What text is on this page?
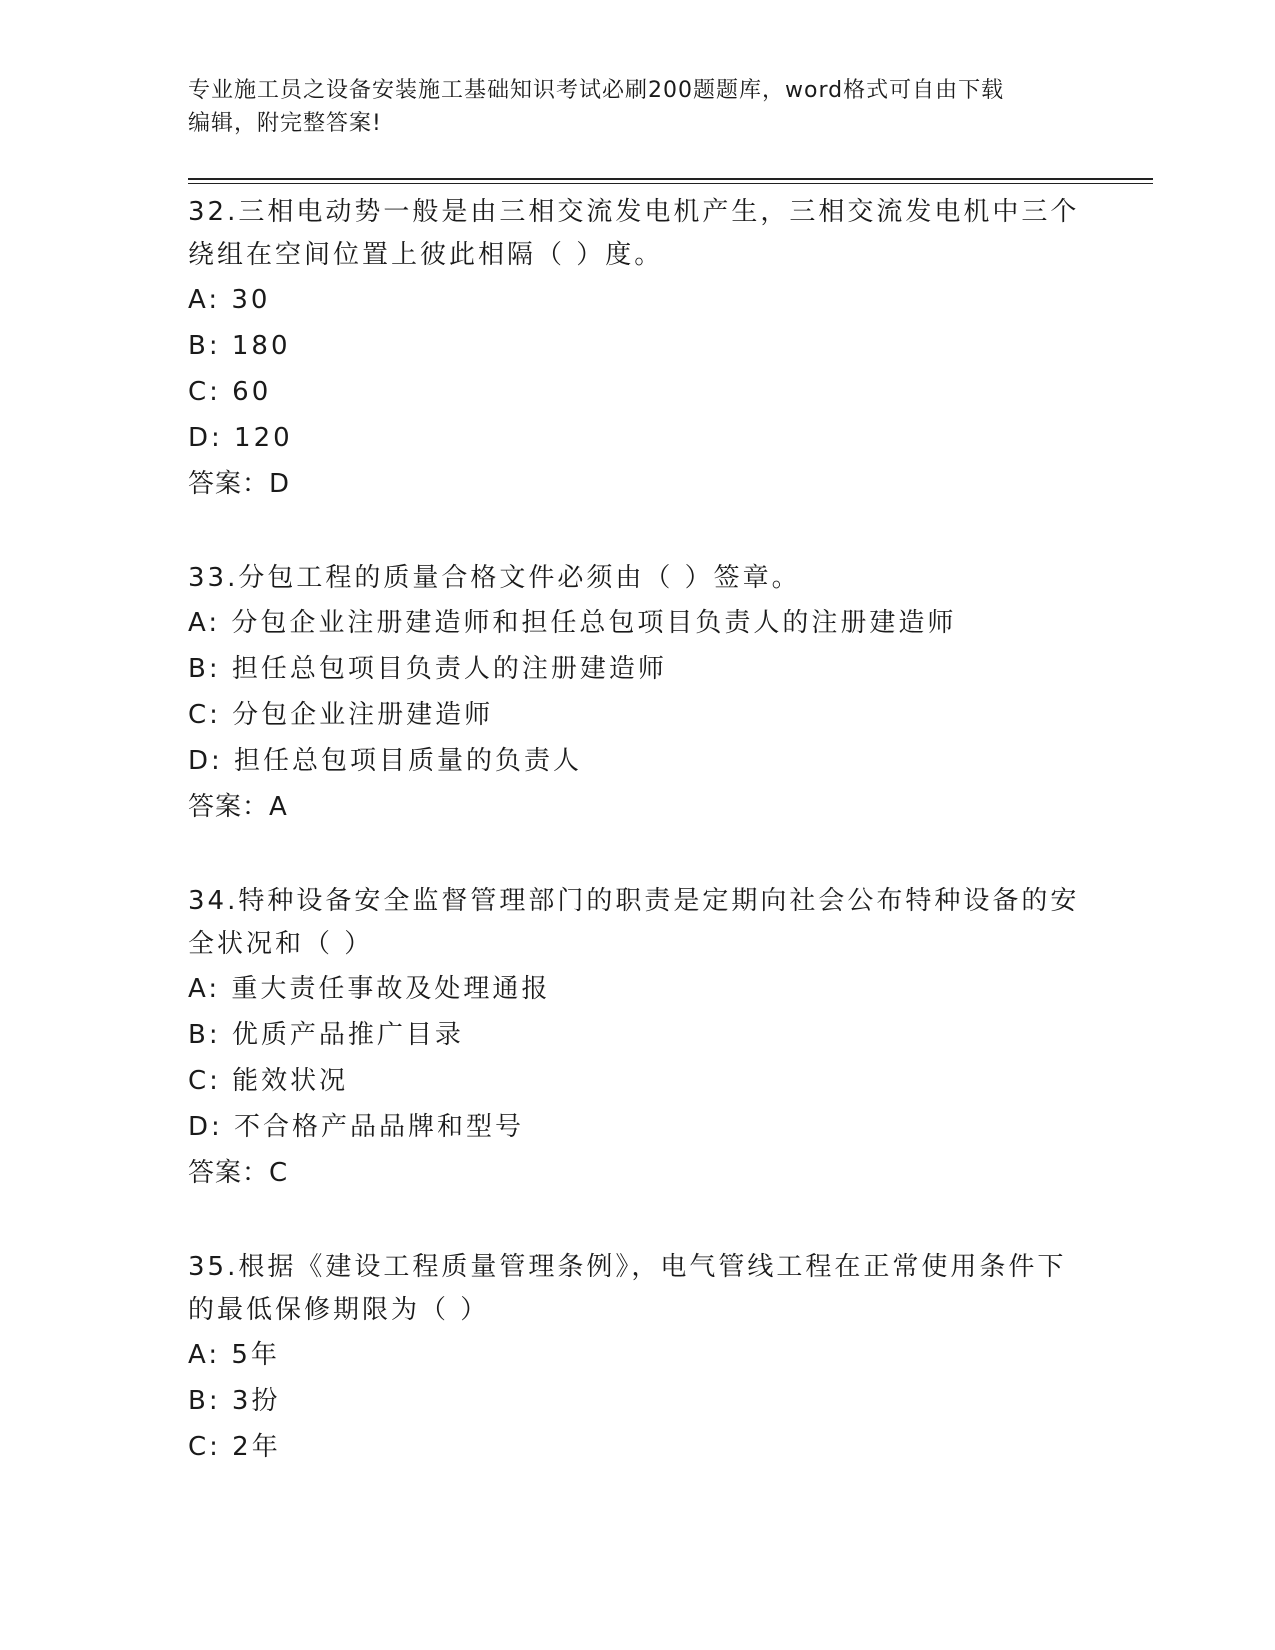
专业施工员之设备安装施工基础知识考试必刷200题题库，word格式可自由下载
编辑，附完整答案!
32.三相电动势一般是由三相交流发电机产生，三相交流发电机中三个
绕组在空间位置上彼此相隔（ ）度。
A: 30
B: 180
C: 60
D: 120
答案：D
33.分包工程的质量合格文件必须由（ ）签章。
A: 分包企业注册建造师和担任总包项目负责人的注册建造师
B: 担任总包项目负责人的注册建造师
C: 分包企业注册建造师
D: 担任总包项目质量的负责人
答案：A
34.特种设备安全监督管理部门的职责是定期向社会公布特种设备的安
全状况和（ ）
A: 重大责任事故及处理通报
B: 优质产品推广目录
C: 能效状况
D: 不合格产品品牌和型号
答案：C
35.根据《建设工程质量管理条例》，电气管线工程在正常使用条件下
的最低保修期限为（ ）
A: 5年
B: 3扮
C: 2年
